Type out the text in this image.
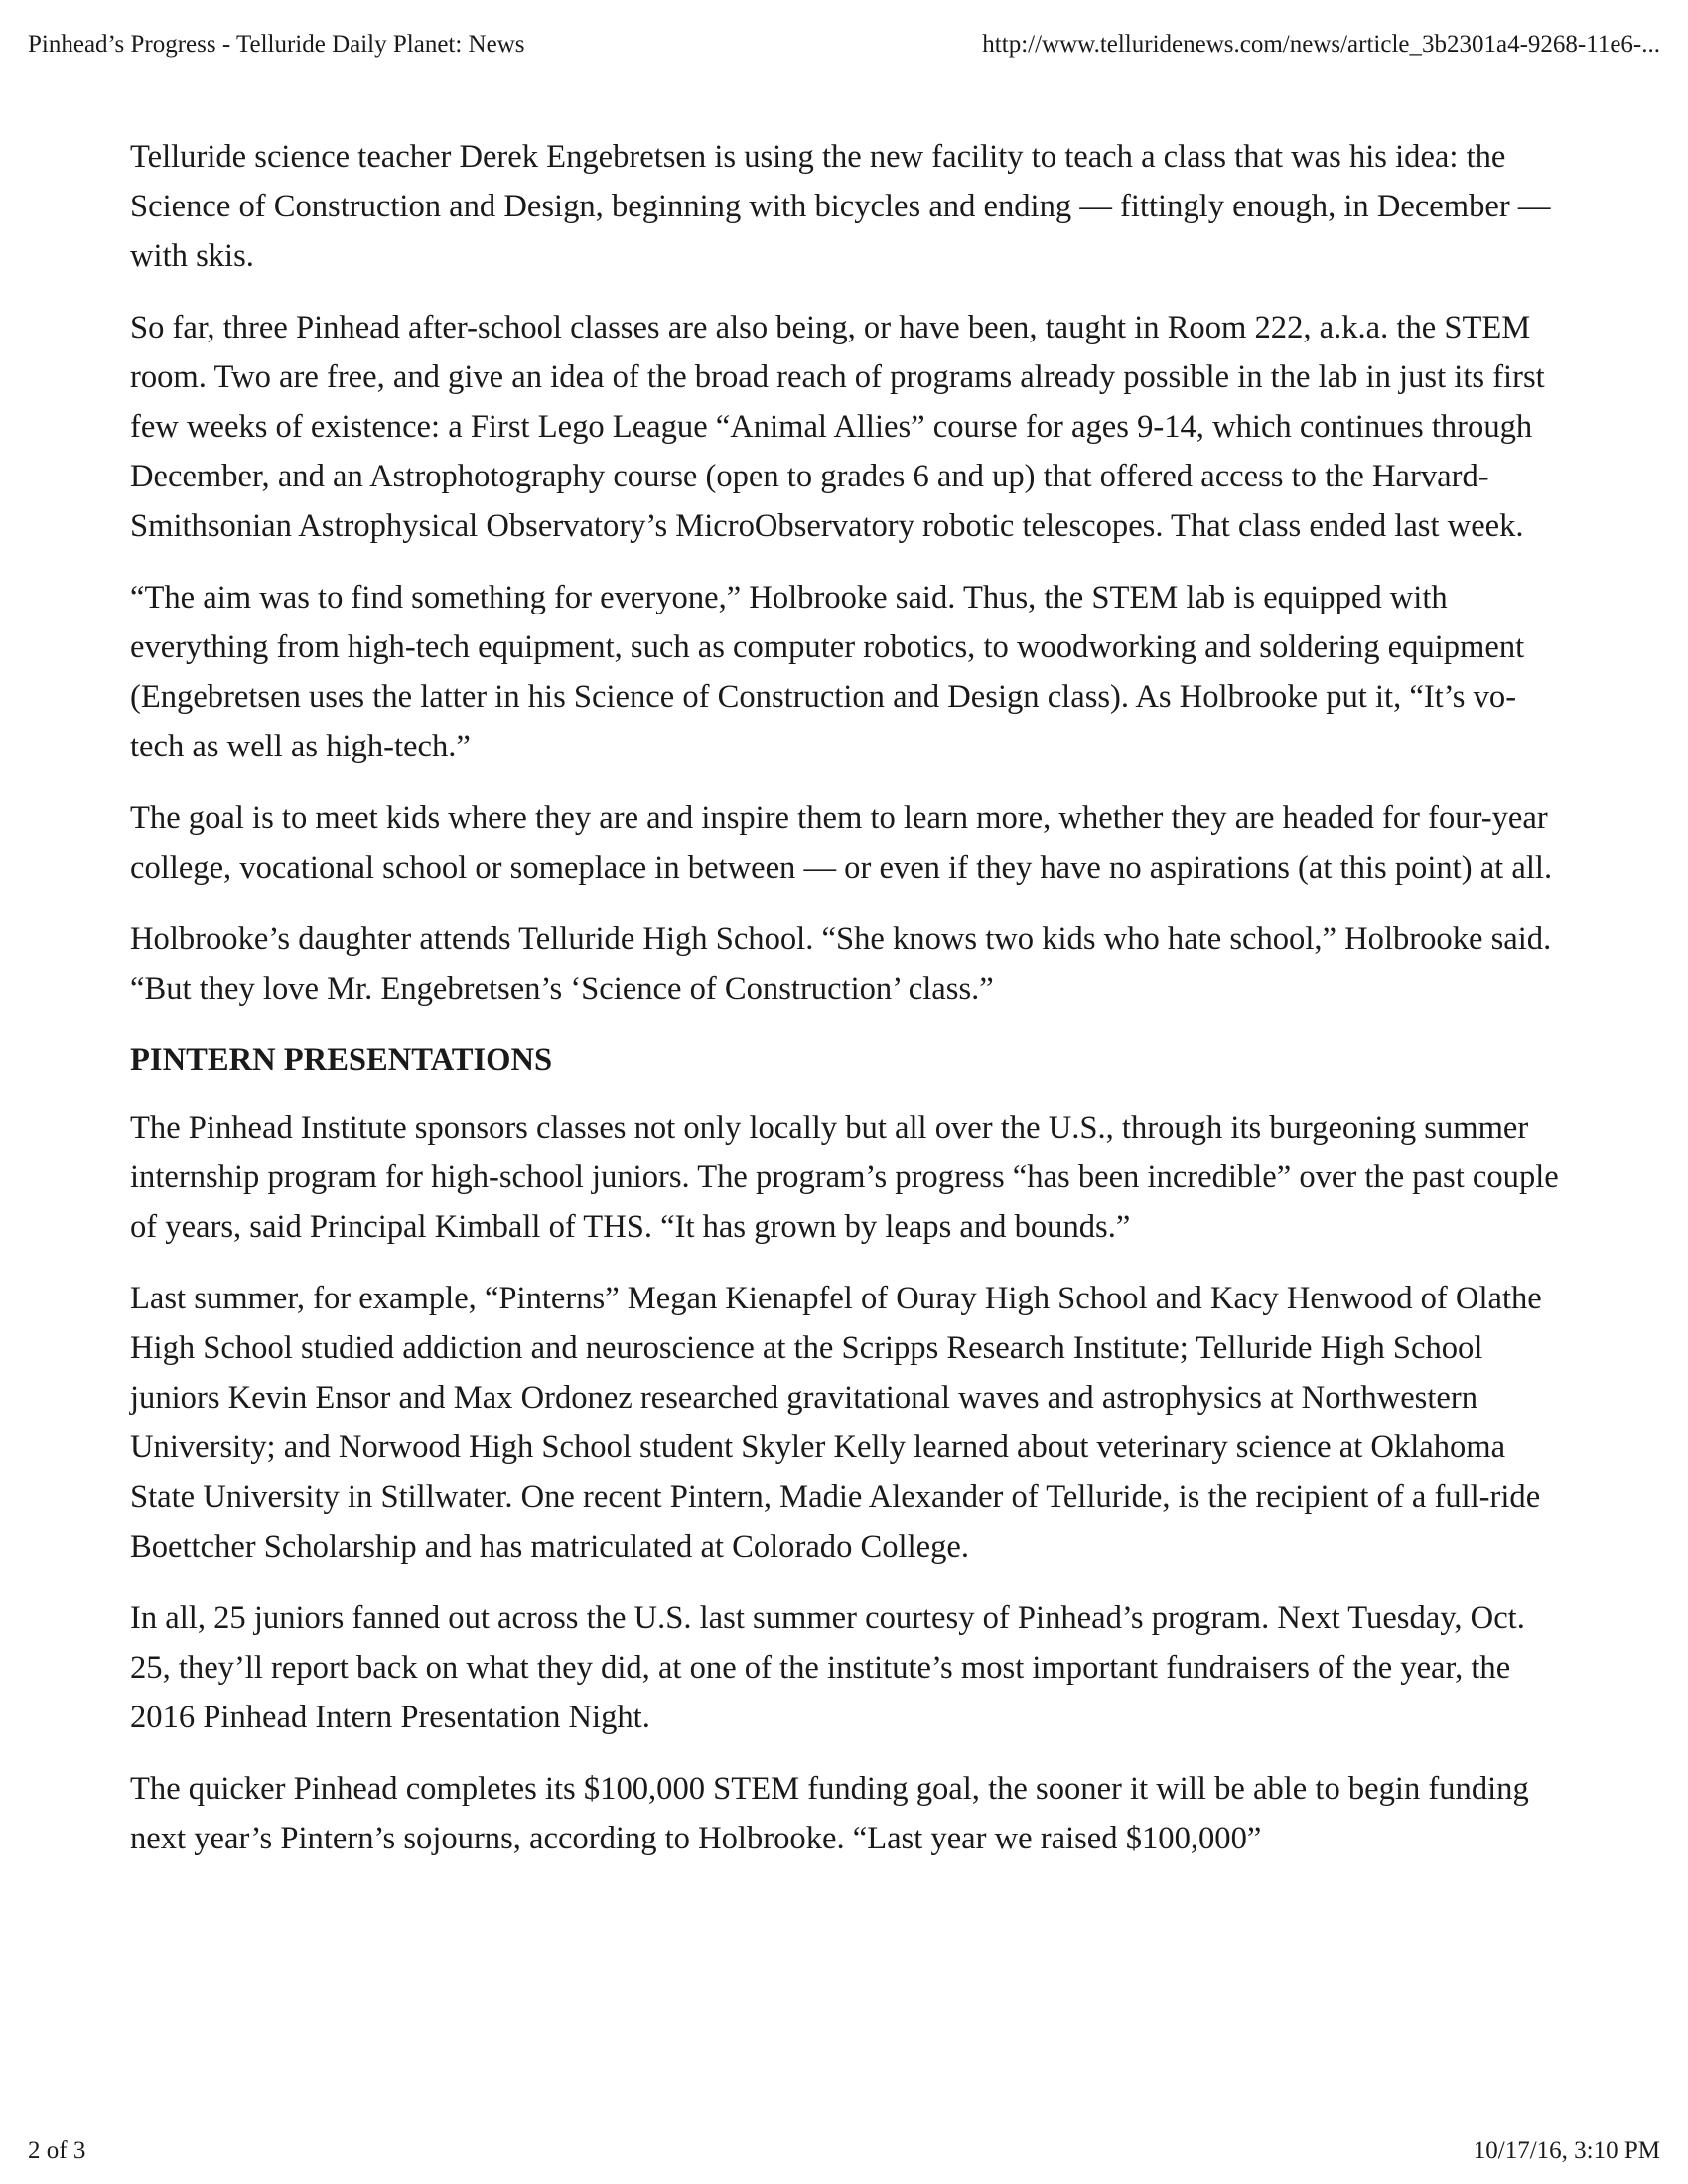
Pinhead’s Progress - Telluride Daily Planet: News	http://www.telluridenews.com/news/article_3b2301a4-9268-11e6-...

Telluride science teacher Derek Engebretsen is using the new facility to teach a class that was his idea: the Science of Construction and Design, beginning with bicycles and ending — fittingly enough, in December — with skis.

So far, three Pinhead after-school classes are also being, or have been, taught in Room 222, a.k.a. the STEM room. Two are free, and give an idea of the broad reach of programs already possible in the lab in just its first few weeks of existence: a First Lego League “Animal Allies” course for ages 9-14, which continues through December, and an Astrophotography course (open to grades 6 and up) that offered access to the Harvard-Smithsonian Astrophysical Observatory’s MicroObservatory robotic telescopes. That class ended last week.

“The aim was to find something for everyone,” Holbrooke said. Thus, the STEM lab is equipped with everything from high-tech equipment, such as computer robotics, to woodworking and soldering equipment (Engebretsen uses the latter in his Science of Construction and Design class). As Holbrooke put it, “It’s vo-tech as well as high-tech.”

The goal is to meet kids where they are and inspire them to learn more, whether they are headed for four-year college, vocational school or someplace in between — or even if they have no aspirations (at this point) at all.

Holbrooke’s daughter attends Telluride High School. “She knows two kids who hate school,” Holbrooke said. “But they love Mr. Engebretsen’s ‘Science of Construction’ class.”

PINTERN PRESENTATIONS

The Pinhead Institute sponsors classes not only locally but all over the U.S., through its burgeoning summer internship program for high-school juniors. The program’s progress “has been incredible” over the past couple of years, said Principal Kimball of THS. “It has grown by leaps and bounds.”

Last summer, for example, “Pinterns” Megan Kienapfel of Ouray High School and Kacy Henwood of Olathe High School studied addiction and neuroscience at the Scripps Research Institute; Telluride High School juniors Kevin Ensor and Max Ordonez researched gravitational waves and astrophysics at Northwestern University; and Norwood High School student Skyler Kelly learned about veterinary science at Oklahoma State University in Stillwater. One recent Pintern, Madie Alexander of Telluride, is the recipient of a full-ride Boettcher Scholarship and has matriculated at Colorado College.

In all, 25 juniors fanned out across the U.S. last summer courtesy of Pinhead’s program. Next Tuesday, Oct. 25, they’ll report back on what they did, at one of the institute’s most important fundraisers of the year, the 2016 Pinhead Intern Presentation Night.

The quicker Pinhead completes its $100,000 STEM funding goal, the sooner it will be able to begin funding next year’s Pintern’s sojourns, according to Holbrooke. “Last year we raised $100,000”

2 of 3	10/17/16, 3:10 PM
